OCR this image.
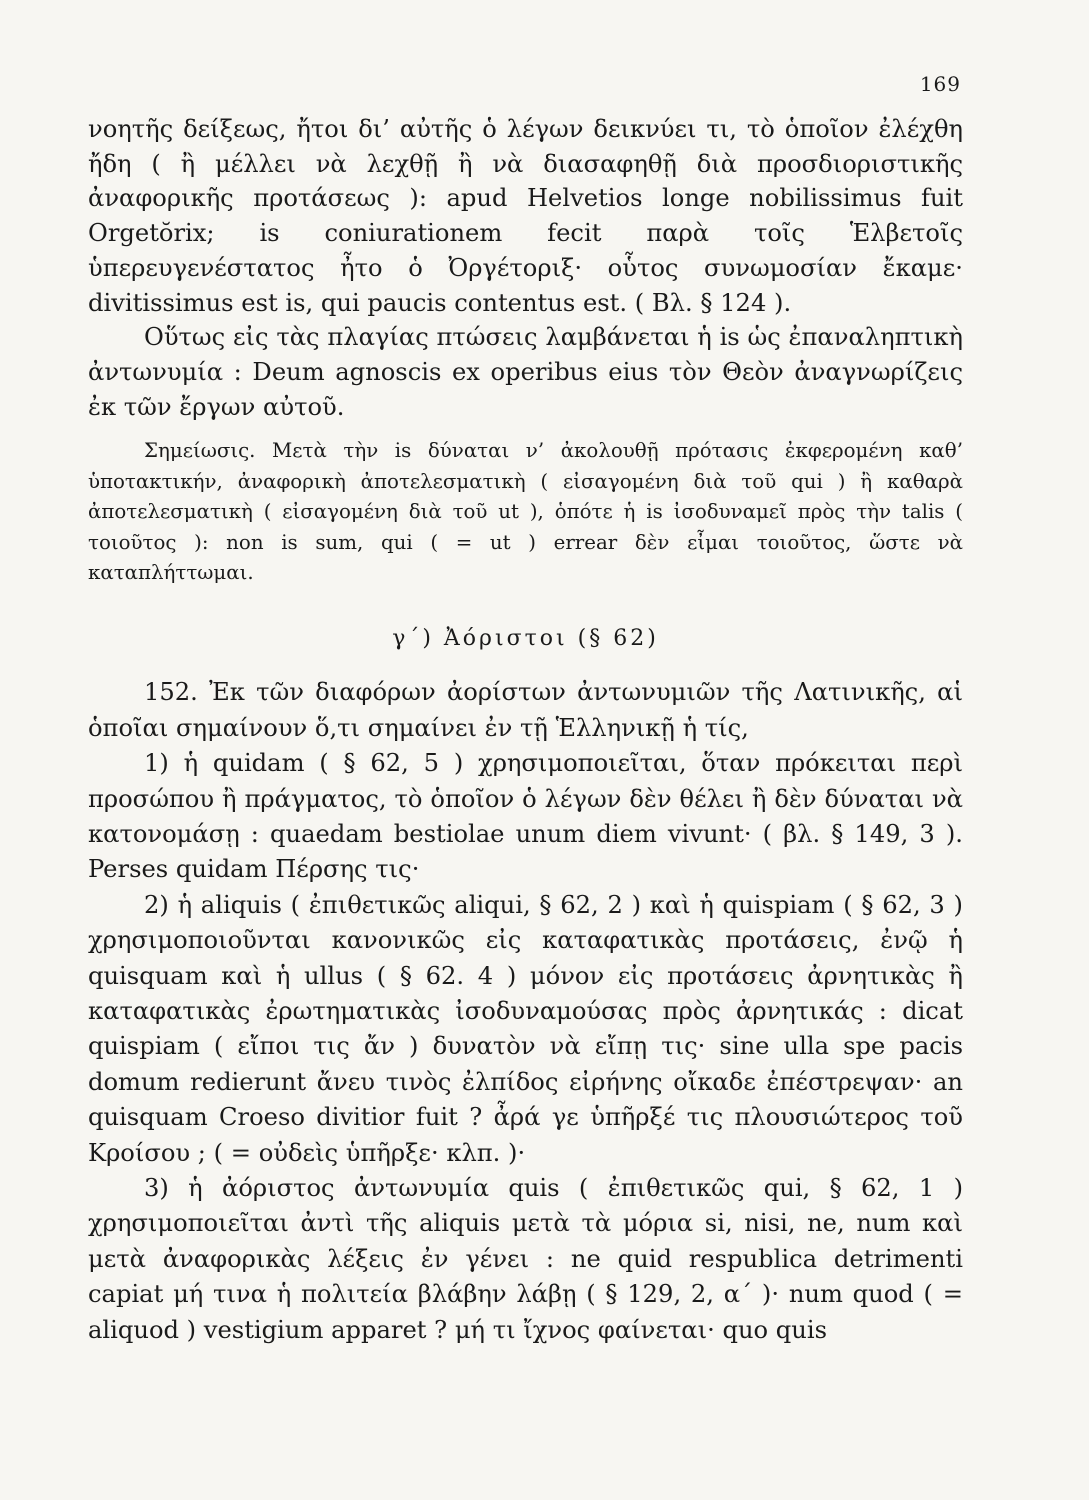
169

νοητῆς δείξεως, ἤτοι δι’ αὐτῆς ὁ λέγων δεικνύει τι, τὸ ὁποῖον ἐλέχθη ἤδη ( ἢ μέλλει νὰ λεχθῇ ἢ νὰ διασαφηθῇ διὰ προσδιοριστικῆς ἀναφορικῆς προτάσεως ): apud Helvetios longe nobilissimus fuit Orgetŏrix; is coniurationem fecit παρὰ τοῖς Ἑλβετοῖς ὑπερευγενέστατος ἦτο ὁ Ὀργέτοριξ· οὗτος συνωμοσίαν ἔκαμε· divitissimus est is, qui paucis contentus est. ( Βλ. § 124 ).

Οὕτως εἰς τὰς πλαγίας πτώσεις λαμβάνεται ἡ is ὡς ἐπαναληπτικὴ ἀντωνυμία : Deum agnoscis ex operibus eius τὸν Θεὸν ἀναγνωρίζεις ἐκ τῶν ἔργων αὐτοῦ.

Σημείωσις. Μετὰ τὴν is δύναται ν’ ἀκολουθῇ πρότασις ἐκφερομένη καθ’ ὑποτακτικήν, ἀναφορικὴ ἀποτελεσματικὴ ( εἰσαγομένη διὰ τοῦ qui ) ἢ καθαρὰ ἀποτελεσματικὴ ( εἰσαγομένη διὰ τοῦ ut ), ὁπότε ἡ is ἰσοδυναμεῖ πρὸς τὴν talis ( τοιοῦτος ): non is sum, qui ( = ut ) errear δὲν εἶμαι τοιοῦτος, ὥστε νὰ καταπλήττωμαι.

γ΄) Ἀόριστοι (§ 62)

152. Ἐκ τῶν διαφόρων ἀορίστων ἀντωνυμιῶν τῆς Λατινικῆς, αἱ ὁποῖαι σημαίνουν ὅ,τι σημαίνει ἐν τῇ Ἑλληνικῇ ἡ τίς,

1) ἡ quidam ( § 62, 5 ) χρησιμοποιεῖται, ὅταν πρόκειται περὶ προσώπου ἢ πράγματος, τὸ ὁποῖον ὁ λέγων δὲν θέλει ἢ δὲν δύναται νὰ κατονομάσῃ : quaedam bestiolae unum diem vivunt· ( βλ. § 149, 3 ). Perses quidam Πέρσης τις·

2) ἡ aliquis ( ἐπιθετικῶς aliqui, § 62, 2 ) καὶ ἡ quispiam ( § 62, 3 ) χρησιμοποιοῦνται κανονικῶς εἰς καταφατικὰς προτάσεις, ἐνῷ ἡ quisquam καὶ ἡ ullus ( § 62. 4 ) μόνον εἰς προτάσεις ἀρνητικὰς ἢ καταφατικὰς ἐρωτηματικὰς ἰσοδυναμούσας πρὸς ἀρνητικάς : dicat quispiam ( εἴποι τις ἄν ) δυνατὸν νὰ εἴπῃ τις· sine ulla spe pacis domum redierunt ἄνευ τινὸς ἐλπίδος εἰρήνης οἴκαδε ἐπέστρεψαν· an quisquam Croeso divitior fuit ? ἆρά γε ὑπῆρξέ τις πλουσιώτερος τοῦ Κροίσου ; ( = οὐδεὶς ὑπῆρξε· κλπ. )·

3) ἡ ἀόριστος ἀντωνυμία quis ( ἐπιθετικῶς qui, § 62, 1 ) χρησιμοποιεῖται ἀντὶ τῆς aliquis μετὰ τὰ μόρια si, nisi, ne, num καὶ μετὰ ἀναφορικὰς λέξεις ἐν γένει : ne quid respublica detrimenti capiat μή τινα ἡ πολιτεία βλάβην λάβῃ ( § 129, 2, α΄ )· num quod ( = aliquod ) vestigium apparet ? μή τι ἴχνος φαίνεται· quo quis
